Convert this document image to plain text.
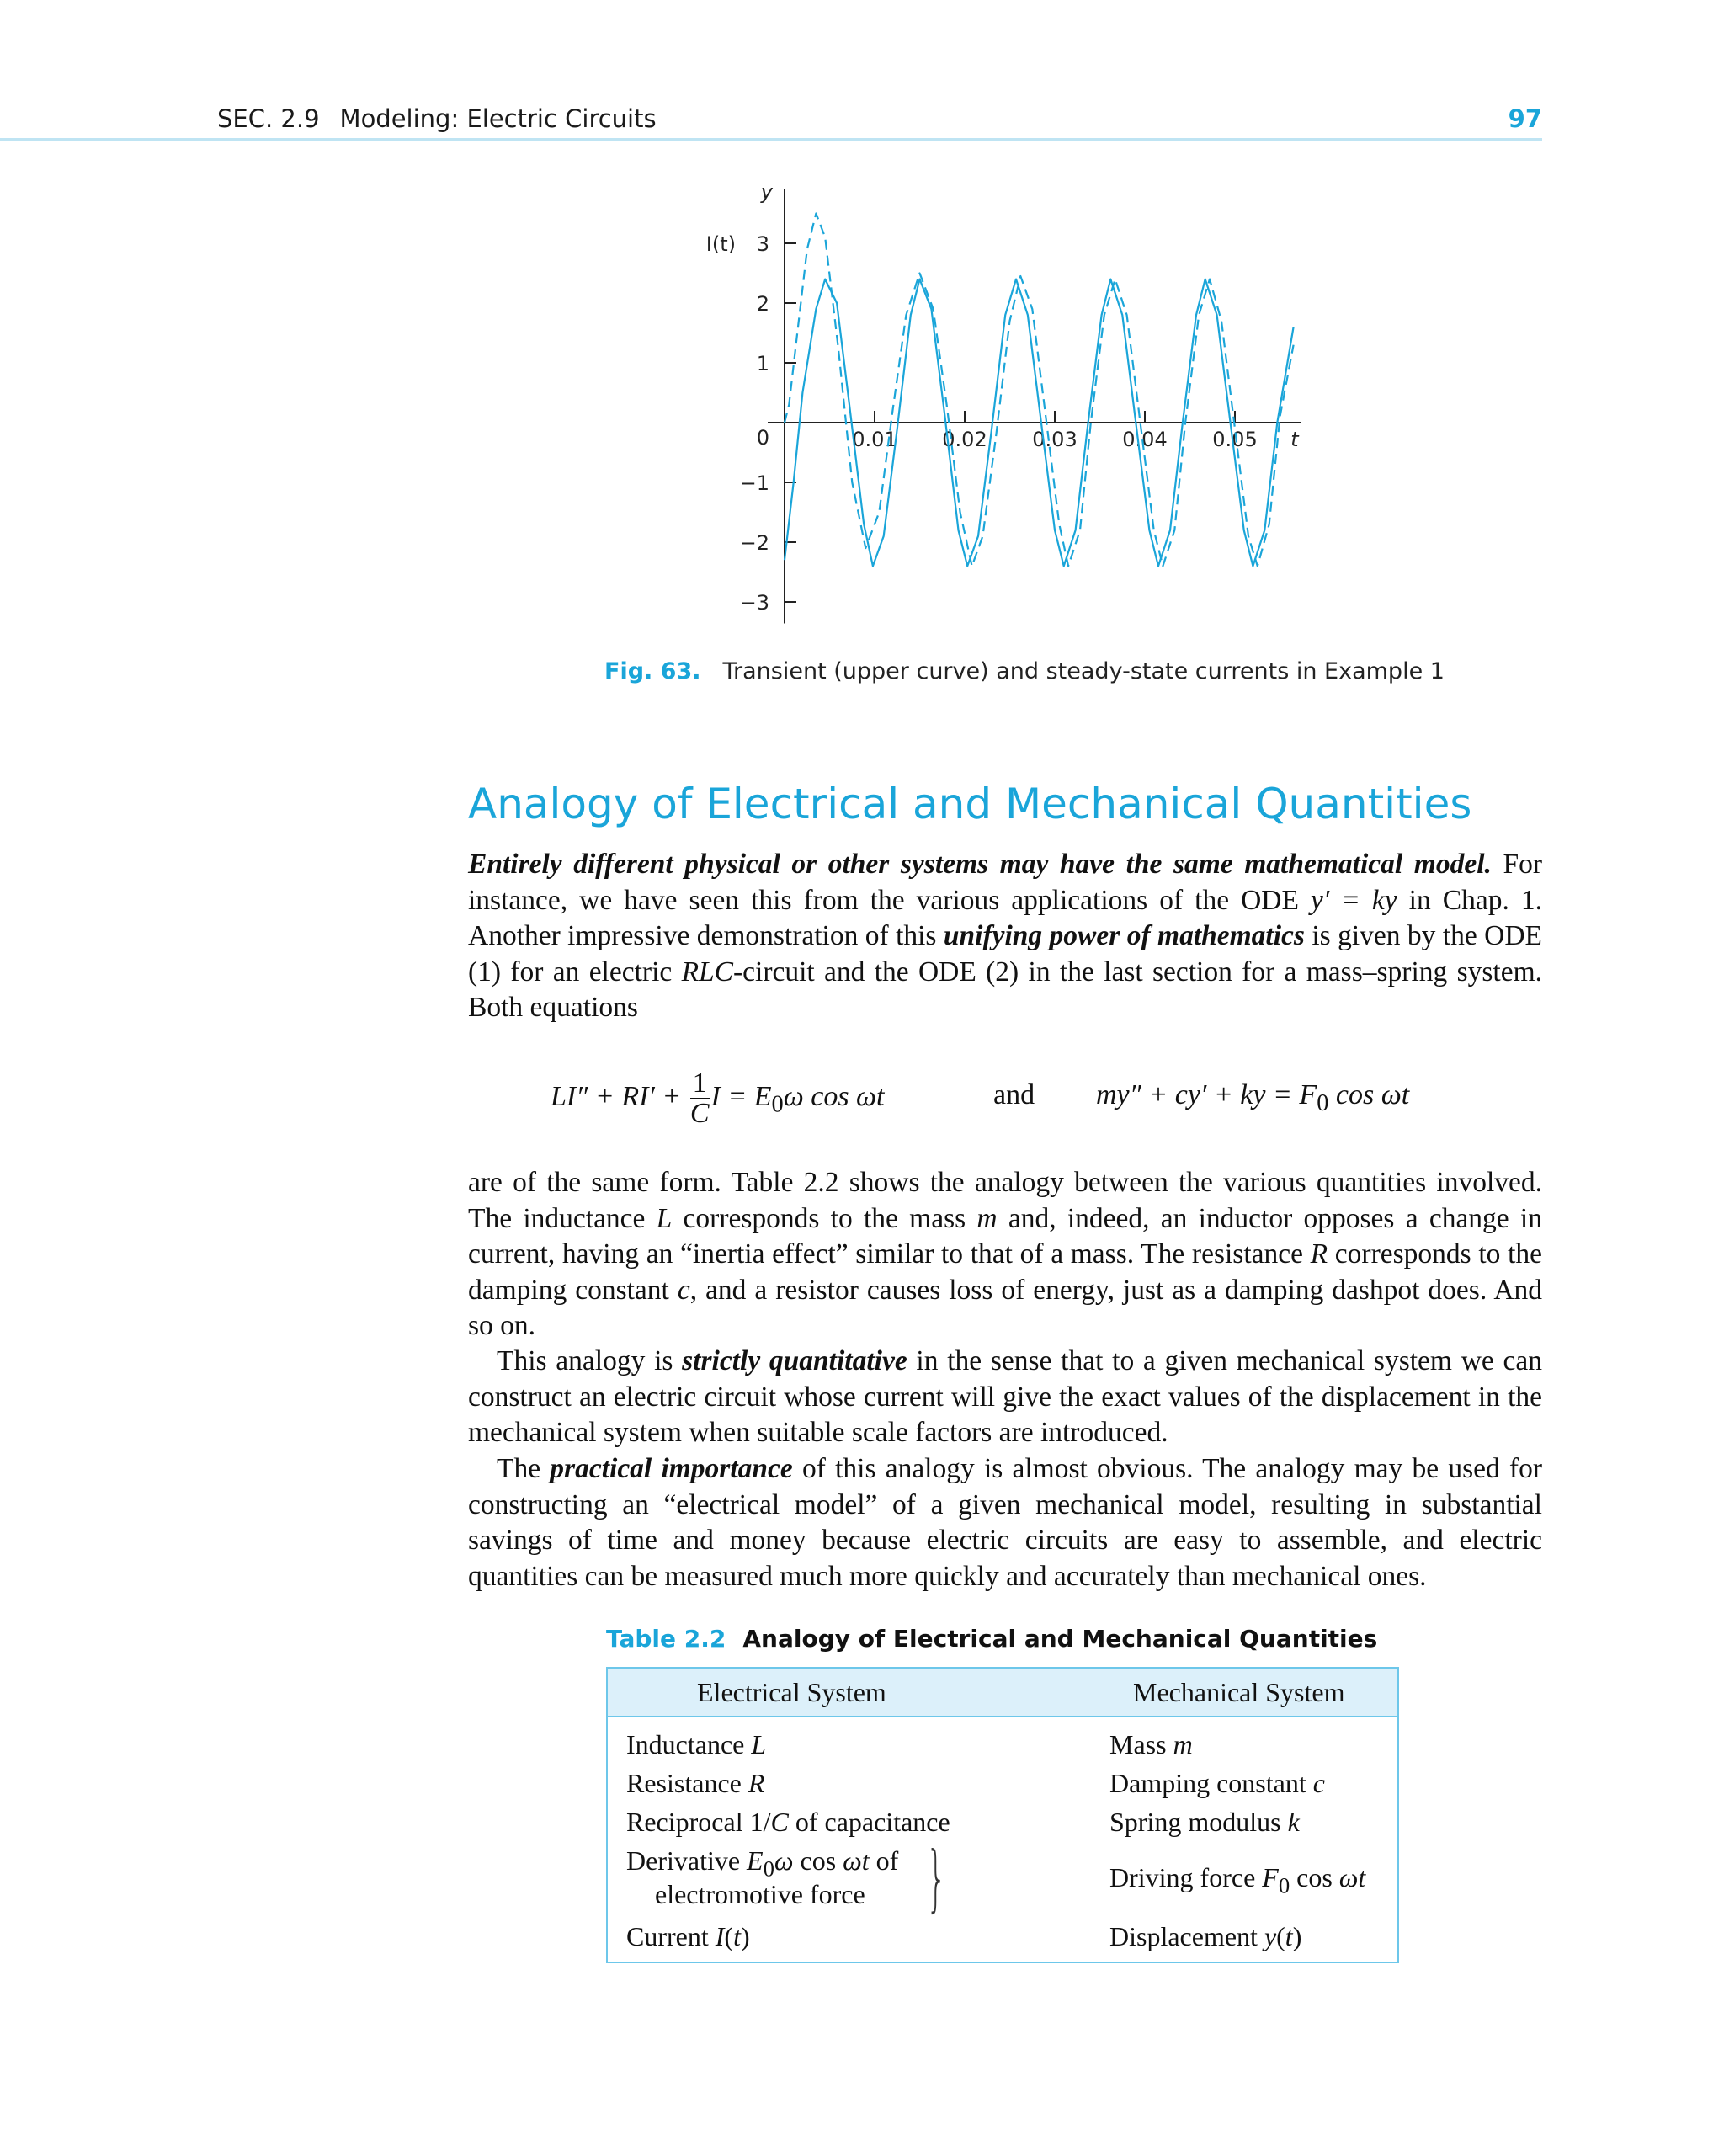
SEC. 2.9 Modeling: Electric Circuits	97
3
2
1
0
−1
−2
−3
0.01 0.02 0.03 0.04 0.05
y
I(t)
t
Fig. 63. Transient (upper curve) and steady-state currents in Example 1
Analogy of Electrical and Mechanical Quantities
Entirely different physical or other systems may have the same mathematical model. For instance, we have seen this from the various applications of the ODE y′ = ky in Chap. 1. Another impressive demonstration of this unifying power of mathematics is given by the ODE (1) for an electric RLC-circuit and the ODE (2) in the last section for a mass–spring system. Both equations
$LI'' + RI' + \frac{1}{C}$ $I = E_0\omega$ cos ωt	and my″ + cy′ + ky = $F_0$ cos ωt
are of the same form. Table 2.2 shows the analogy between the various quantities involved. The inductance L corresponds to the mass m and, indeed, an inductor opposes a change in current, having an “inertia effect” similar to that of a mass. The resistance R corresponds to the damping constant c, and a resistor causes loss of energy, just as a damping dashpot does. And so on.
This analogy is strictly quantitative in the sense that to a given mechanical system we can construct an electric circuit whose current will give the exact values of the displacement in the mechanical system when suitable scale factors are introduced.
The practical importance of this analogy is almost obvious. The analogy may be used for constructing an “electrical model” of a given mechanical model, resulting in substantial savings of time and money because electric circuits are easy to assemble, and electric quantities can be measured much more quickly and accurately than mechanical ones.
Table 2.2 Analogy of Electrical and Mechanical Quantities
Electrical System	Mechanical System
Inductance L	Mass m
Resistance R	Damping constant c
Reciprocal 1/C of capacitance	Spring modulus k
Derivative $E_0\omega$ cos ωt of
electromotive force }	Driving force $F_0$ cos ωt
Current I(t)	Displacement y(t)
